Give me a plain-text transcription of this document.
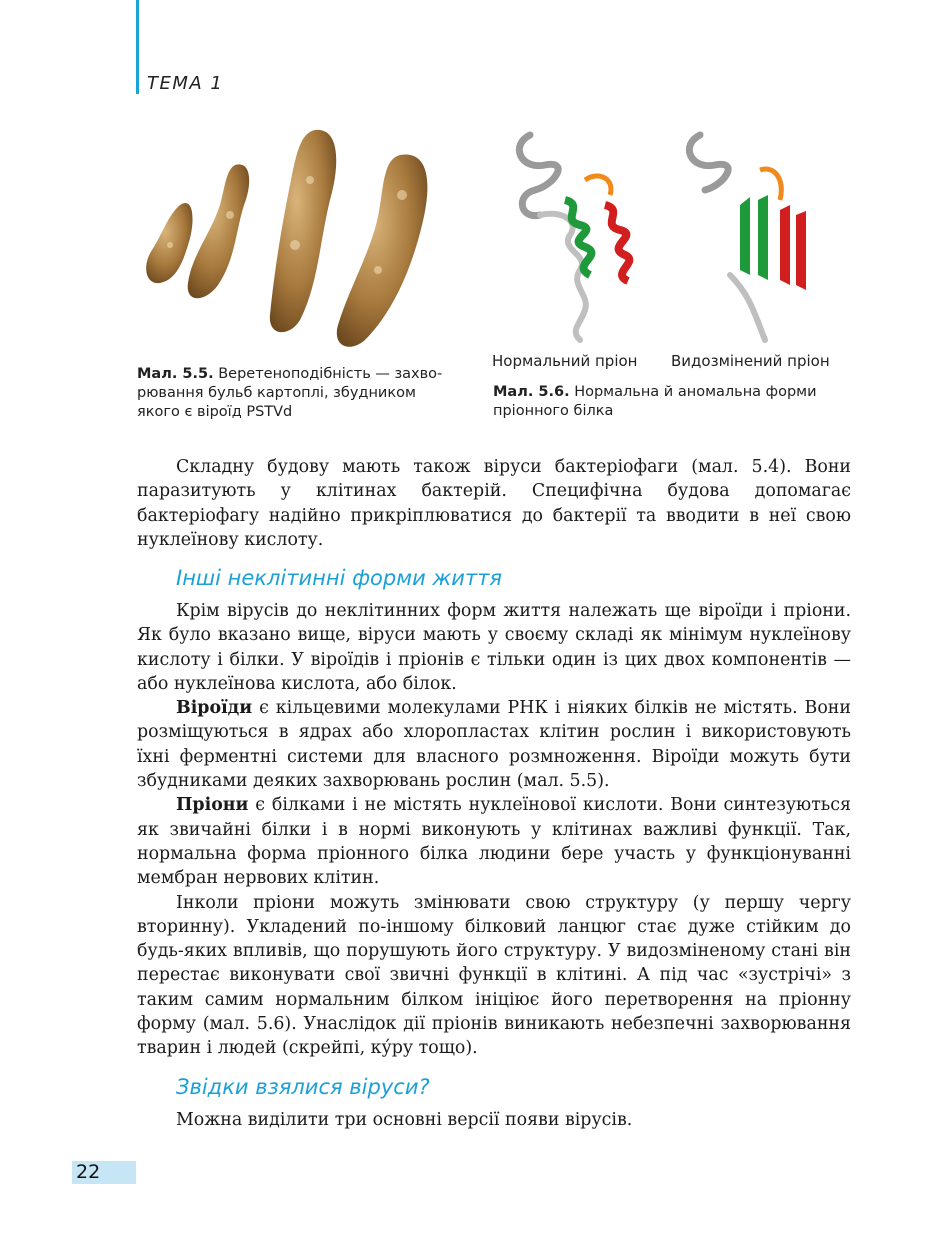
ТЕМА 1
Мал. 5.5. Веретеноподібність — захво-
рювання бульб картоплі, збудником
якого є віроїд PSTVd
Нормальний пріон Видозмінений пріон
Мал. 5.6. Нормальна й аномальна форми
пріонного білка

Складну будову мають також віруси бактеріофаги (мал. 5.4). Вони паразитують у клітинах бактерій. Специфічна будова допомагає бактеріофагу надійно прикріплюватися до бактерії та вводити в неї свою нуклеїнову кислоту.

Інші неклітинні форми життя

Крім вірусів до неклітинних форм життя належать ще віроїди і пріони. Як було вказано вище, віруси мають у своєму складі як мінімум нуклеїнову кислоту і білки. У віроїдів і пріонів є тільки один із цих двох компонентів — або нуклеїнова кислота, або білок.

Віроїди є кільцевими молекулами РНК і ніяких білків не містять. Вони розміщуються в ядрах або хлоропластах клітин рослин і використовують їхні ферментні системи для власного розмноження. Віроїди можуть бути збудниками деяких захворювань рослин (мал. 5.5).

Пріони є білками і не містять нуклеїнової кислоти. Вони синтезуються як звичайні білки і в нормі виконують у клітинах важливі функції. Так, нормальна форма пріонного білка людини бере участь у функціонуванні мембран нервових клітин.

Інколи пріони можуть змінювати свою структуру (у першу чергу вторинну). Укладений по-іншому білковий ланцюг стає дуже стійким до будь-яких впливів, що порушують його структуру. У видозміненому стані він перестає виконувати свої звичні функції в клітині. А під час «зустрічі» з таким самим нормальним білком ініціює його перетворення на пріонну форму (мал. 5.6). Унаслідок дії пріонів виникають небезпечні захворювання тварин і людей (скрейпі, ку́ру тощо).

Звідки взялися віруси?

Можна виділити три основні версії появи вірусів.

22
